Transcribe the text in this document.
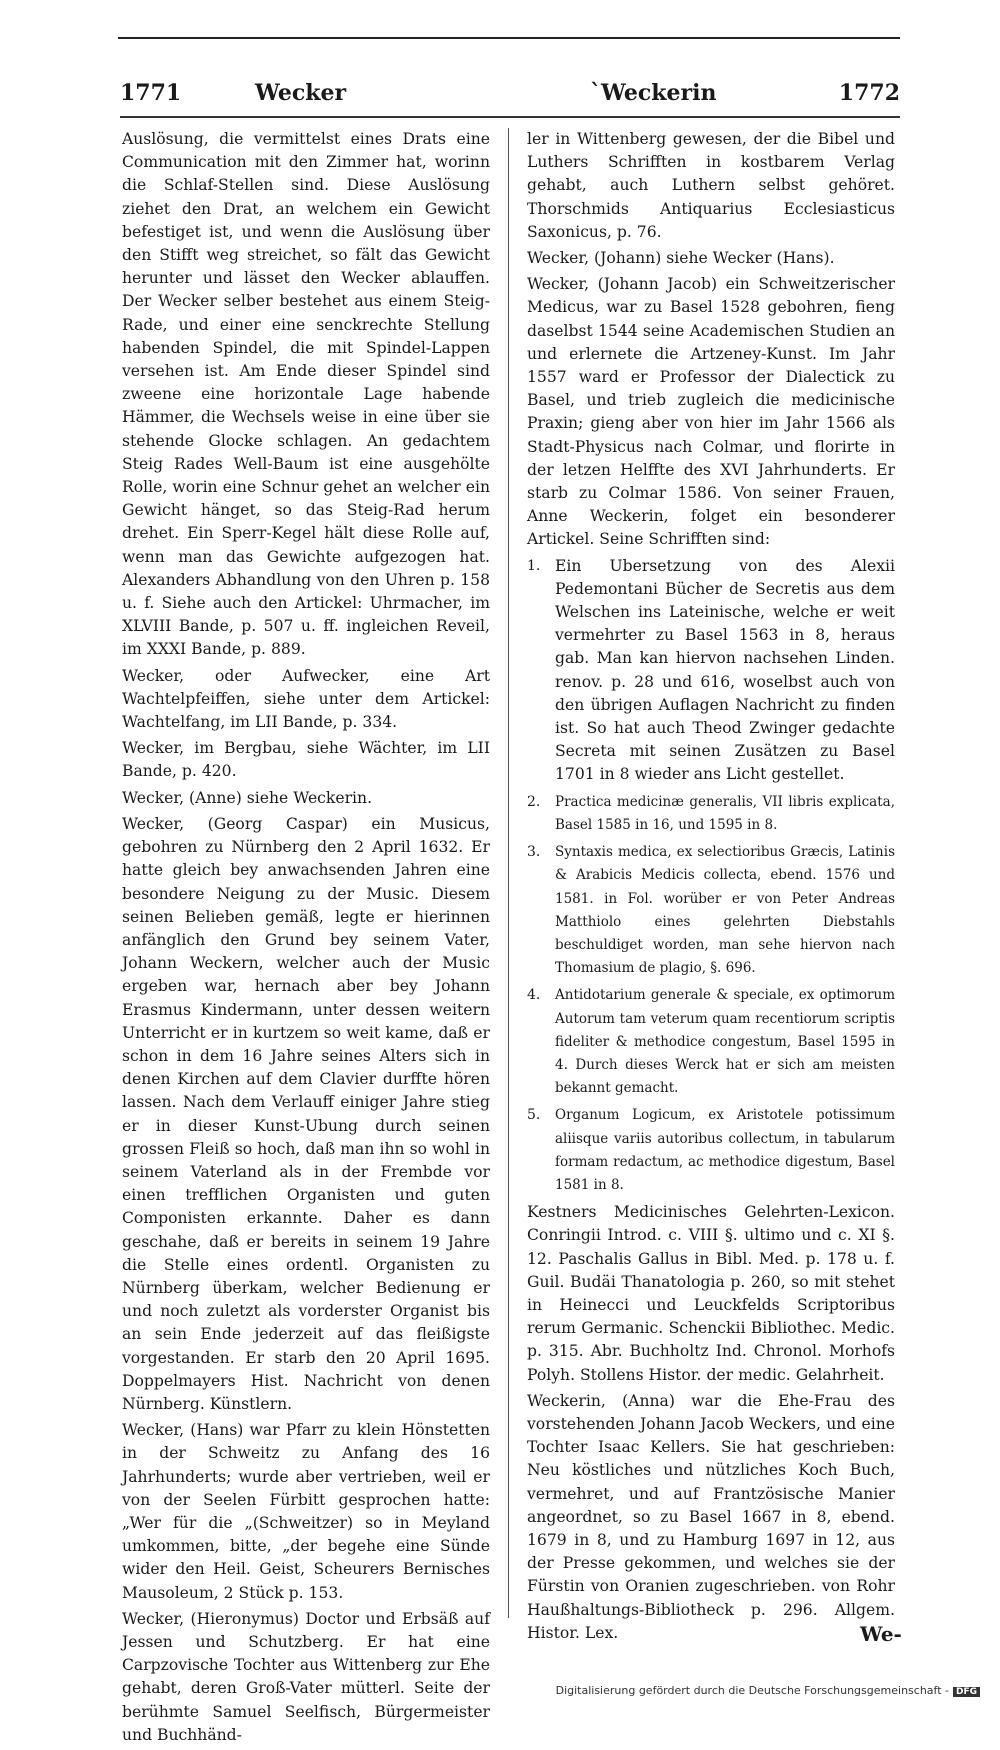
1771	Wecker	`Weckerin	1772

Auslösung, die vermittelst eines Drats eine Communication mit den Zimmer hat, worinn die Schlaf-Stellen sind. Diese Auslösung ziehet den Drat, an welchem ein Gewicht befestiget ist, und wenn die Auslösung über den Stifft weg streichet, so fält das Gewicht herunter und lässet den Wecker ablauffen. Der Wecker selber bestehet aus einem Steig-Rade, und einer eine senckrechte Stellung habenden Spindel, die mit Spindel-Lappen versehen ist. Am Ende dieser Spindel sind zweene eine horizontale Lage habende Hämmer, die Wechsels weise in eine über sie stehende Glocke schlagen. An gedachtem Steig Rades Well-Baum ist eine ausgehölte Rolle, worin eine Schnur gehet an welcher ein Gewicht hänget, so das Steig-Rad herum drehet. Ein Sperr-Kegel hält diese Rolle auf, wenn man das Gewichte aufgezogen hat. Alexanders Abhandlung von den Uhren p. 158 u. f. Siehe auch den Artickel: Uhrmacher, im XLVIII Bande, p. 507 u. ff. ingleichen Reveil, im XXXI Bande, p. 889.

Wecker, oder Aufwecker, eine Art Wachtelpfeiffen, siehe unter dem Artickel: Wachtelfang, im LII Bande, p. 334.

Wecker, im Bergbau, siehe Wächter, im LII Bande, p. 420.

Wecker, (Anne) siehe Weckerin.

Wecker, (Georg Caspar) ein Musicus, gebohren zu Nürnberg den 2 April 1632. Er hatte gleich bey anwachsenden Jahren eine besondere Neigung zu der Music. Diesem seinen Belieben gemäß, legte er hierinnen anfänglich den Grund bey seinem Vater, Johann Weckern, welcher auch der Music ergeben war, hernach aber bey Johann Erasmus Kindermann, unter dessen weitern Unterricht er in kurtzem so weit kame, daß er schon in dem 16 Jahre seines Alters sich in denen Kirchen auf dem Clavier durffte hören lassen. Nach dem Verlauff einiger Jahre stieg er in dieser Kunst-Ubung durch seinen grossen Fleiß so hoch, daß man ihn so wohl in seinem Vaterland als in der Frembde vor einen trefflichen Organisten und guten Componisten erkannte. Daher es dann geschahe, daß er bereits in seinem 19 Jahre die Stelle eines ordentl. Organisten zu Nürnberg überkam, welcher Bedienung er und noch zuletzt als vorderster Organist bis an sein Ende jederzeit auf das fleißigste vorgestanden. Er starb den 20 April 1695. Doppelmayers Hist. Nachricht von denen Nürnberg. Künstlern.

Wecker, (Hans) war Pfarr zu klein Hönstetten in der Schweitz zu Anfang des 16 Jahrhunderts; wurde aber vertrieben, weil er von der Seelen Fürbitt gesprochen hatte: „Wer für die „(Schweitzer) so in Meyland umkommen, bitte, „der begehe eine Sünde wider den Heil. Geist, Scheurers Bernisches Mausoleum, 2 Stück p. 153.

Wecker, (Hieronymus) Doctor und Erbsäß auf Jessen und Schutzberg. Er hat eine Carpzovische Tochter aus Wittenberg zur Ehe gehabt, deren Groß-Vater mütterl. Seite der berühmte Samuel Seelfisch, Bürgermeister und Buchhänd-

ler in Wittenberg gewesen, der die Bibel und Luthers Schrifften in kostbarem Verlag gehabt, auch Luthern selbst gehöret. Thorschmids Antiquarius Ecclesiasticus Saxonicus, p. 76.

Wecker, (Johann) siehe Wecker (Hans).

Wecker, (Johann Jacob) ein Schweitzerischer Medicus, war zu Basel 1528 gebohren, fieng daselbst 1544 seine Academischen Studien an und erlernete die Artzeney-Kunst. Im Jahr 1557 ward er Professor der Dialectick zu Basel, und trieb zugleich die medicinische Praxin; gieng aber von hier im Jahr 1566 als Stadt-Physicus nach Colmar, und florirte in der letzen Helffte des XVI Jahrhunderts. Er starb zu Colmar 1586. Von seiner Frauen, Anne Weckerin, folget ein besonderer Artickel. Seine Schrifften sind:

1. Ein Ubersetzung von des Alexii Pedemontani Bücher de Secretis aus dem Welschen ins Lateinische, welche er weit vermehrter zu Basel 1563 in 8, heraus gab. Man kan hiervon nachsehen Linden. renov. p. 28 und 616, woselbst auch von den übrigen Auflagen Nachricht zu finden ist. So hat auch Theod Zwinger gedachte Secreta mit seinen Zusätzen zu Basel 1701 in 8 wieder ans Licht gestellet.
2. Practica medicinæ generalis, VII libris explicata, Basel 1585 in 16, und 1595 in 8.
3. Syntaxis medica, ex selectioribus Græcis, Latinis & Arabicis Medicis collecta, ebend. 1576 und 1581. in Fol. worüber er von Peter Andreas Matthiolo eines gelehrten Diebstahls beschuldiget worden, man sehe hiervon nach Thomasium de plagio, §. 696.
4. Antidotarium generale & speciale, ex optimorum Autorum tam veterum quam recentiorum scriptis fideliter & methodice congestum, Basel 1595 in 4. Durch dieses Werck hat er sich am meisten bekannt gemacht.
5. Organum Logicum, ex Aristotele potissimum aliisque variis autoribus collectum, in tabularum formam redactum, ac methodice digestum, Basel 1581 in 8.

Kestners Medicinisches Gelehrten-Lexicon. Conringii Introd. c. VIII §. ultimo und c. XI §. 12. Paschalis Gallus in Bibl. Med. p. 178 u. f. Guil. Budäi Thanatologia p. 260, so mit stehet in Heinecci und Leuckfelds Scriptoribus rerum Germanic. Schenckii Bibliothec. Medic. p. 315. Abr. Buchholtz Ind. Chronol. Morhofs Polyh. Stollens Histor. der medic. Gelahrheit.

Weckerin, (Anna) war die Ehe-Frau des vorstehenden Johann Jacob Weckers, und eine Tochter Isaac Kellers. Sie hat geschrieben: Neu köstliches und nützliches Koch Buch, vermehret, und auf Frantzösische Manier angeordnet, so zu Basel 1667 in 8, ebend. 1679 in 8, und zu Hamburg 1697 in 12, aus der Presse gekommen, und welches sie der Fürstin von Oranien zugeschrieben. von Rohr Haußhaltungs-Bibliotheck p. 296. Allgem. Histor. Lex.	We-
Digitalisierung gefördert durch die Deutsche Forschungsgemeinschaft - DFG
